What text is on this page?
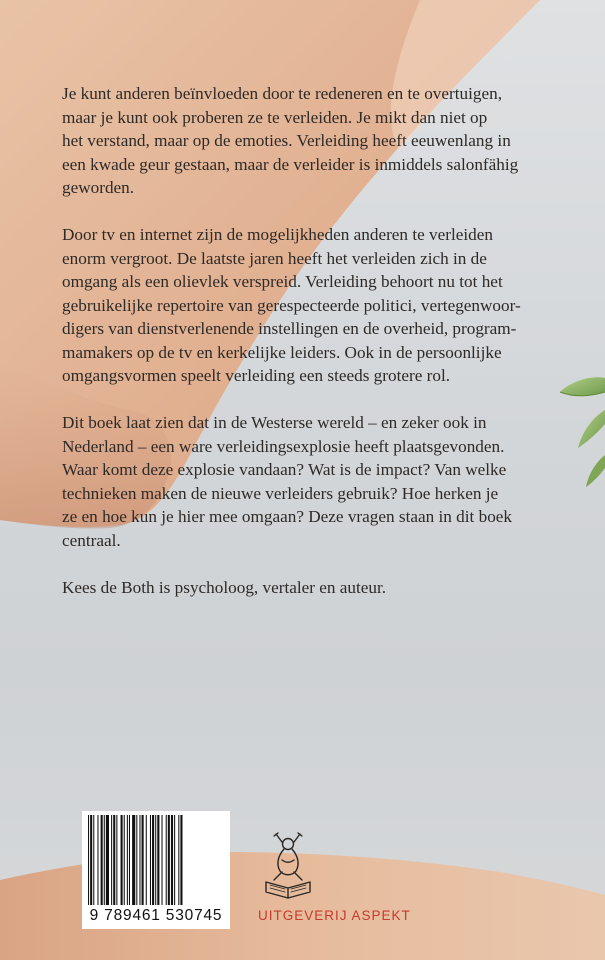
Je kunt anderen beïnvloeden door te redeneren en te overtuigen,
maar je kunt ook proberen ze te verleiden. Je mikt dan niet op
het verstand, maar op de emoties. Verleiding heeft eeuwenlang in
een kwade geur gestaan, maar de verleider is inmiddels salonfähig
geworden.

Door tv en internet zijn de mogelijkheden anderen te verleiden
enorm vergroot. De laatste jaren heeft het verleiden zich in de
omgang als een olievlek verspreid. Verleiding behoort nu tot het
gebruikelijke repertoire van gerespecteerde politici, vertegenwoor-
digers van dienstverlenende instellingen en de overheid, program-
mamakers op de tv en kerkelijke leiders. Ook in de persoonlijke
omgangsvormen speelt verleiding een steeds grotere rol.

Dit boek laat zien dat in de Westerse wereld – en zeker ook in
Nederland – een ware verleidingsexplosie heeft plaatsgevonden.
Waar komt deze explosie vandaan? Wat is de impact? Van welke
technieken maken de nieuwe verleiders gebruik? Hoe herken je
ze en hoe kun je hier mee omgaan? Deze vragen staan in dit boek
centraal.

Kees de Both is psycholoog, vertaler en auteur.

9 789461 530745	UITGEVERIJ ASPEKT
